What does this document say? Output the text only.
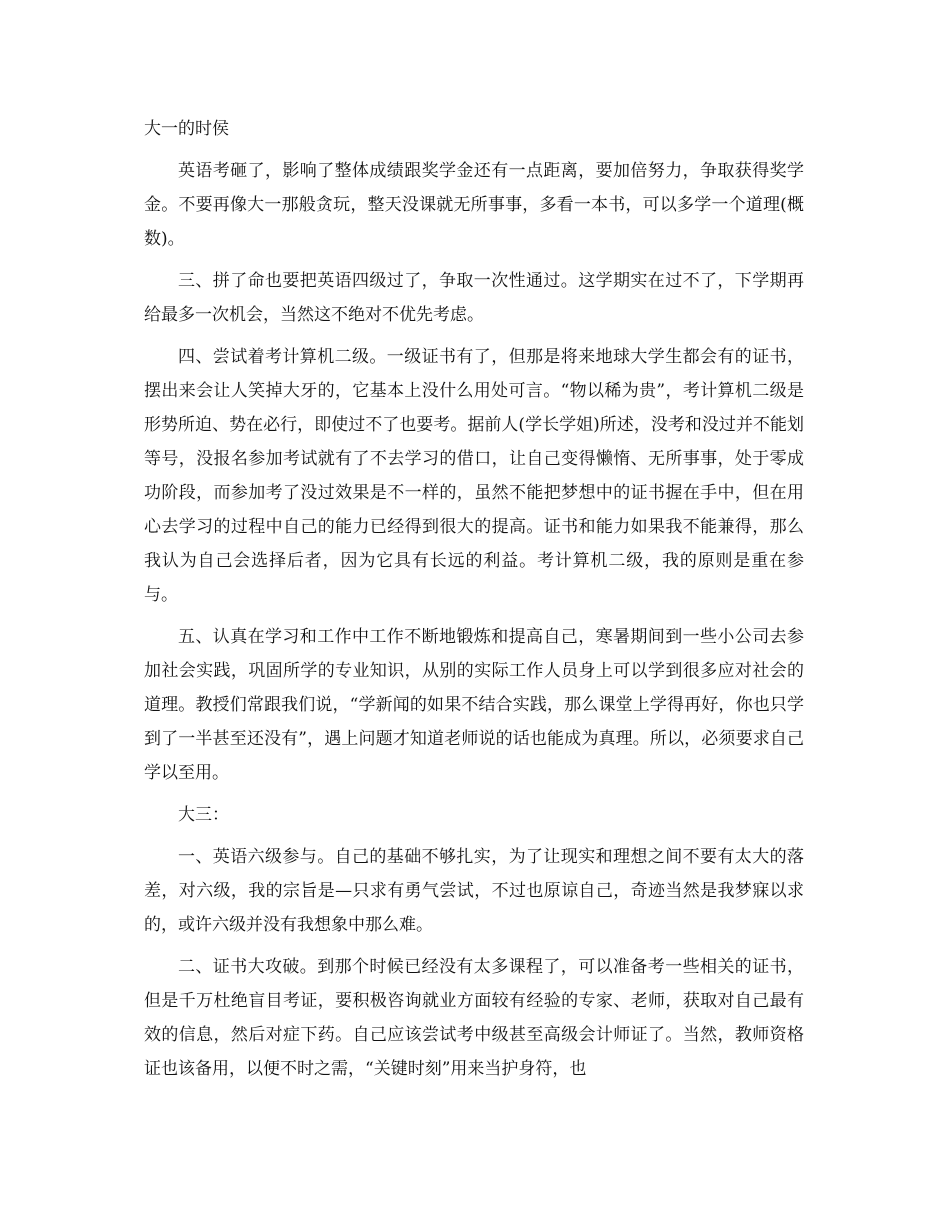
大一的时侯

英语考砸了，影响了整体成绩跟奖学金还有一点距离，要加倍努力，争取获得奖学金。不要再像大一那般贪玩，整天没课就无所事事，多看一本书，可以多学一个道理(概数)。

三、拼了命也要把英语四级过了，争取一次性通过。这学期实在过不了，下学期再给最多一次机会，当然这不绝对不优先考虑。

四、尝试着考计算机二级。一级证书有了，但那是将来地球大学生都会有的证书，摆出来会让人笑掉大牙的，它基本上没什么用处可言。“物以稀为贵”，考计算机二级是形势所迫、势在必行，即使过不了也要考。据前人(学长学姐)所述，没考和没过并不能划等号，没报名参加考试就有了不去学习的借口，让自己变得懒惰、无所事事，处于零成功阶段，而参加考了没过效果是不一样的，虽然不能把梦想中的证书握在手中，但在用心去学习的过程中自己的能力已经得到很大的提高。证书和能力如果我不能兼得，那么我认为自己会选择后者，因为它具有长远的利益。考计算机二级，我的原则是重在参与。

五、认真在学习和工作中工作不断地锻炼和提高自己，寒暑期间到一些小公司去参加社会实践，巩固所学的专业知识，从别的实际工作人员身上可以学到很多应对社会的道理。教授们常跟我们说，“学新闻的如果不结合实践，那么课堂上学得再好，你也只学到了一半甚至还没有”，遇上问题才知道老师说的话也能成为真理。所以，必须要求自己学以至用。

大三：

一、英语六级参与。自己的基础不够扎实，为了让现实和理想之间不要有太大的落差，对六级，我的宗旨是—只求有勇气尝试，不过也原谅自己，奇迹当然是我梦寐以求的，或许六级并没有我想象中那么难。

二、证书大攻破。到那个时候已经没有太多课程了，可以准备考一些相关的证书，但是千万杜绝盲目考证，要积极咨询就业方面较有经验的专家、老师，获取对自己最有效的信息，然后对症下药。自己应该尝试考中级甚至高级会计师证了。当然，教师资格证也该备用，以便不时之需，“关键时刻”用来当护身符，也
